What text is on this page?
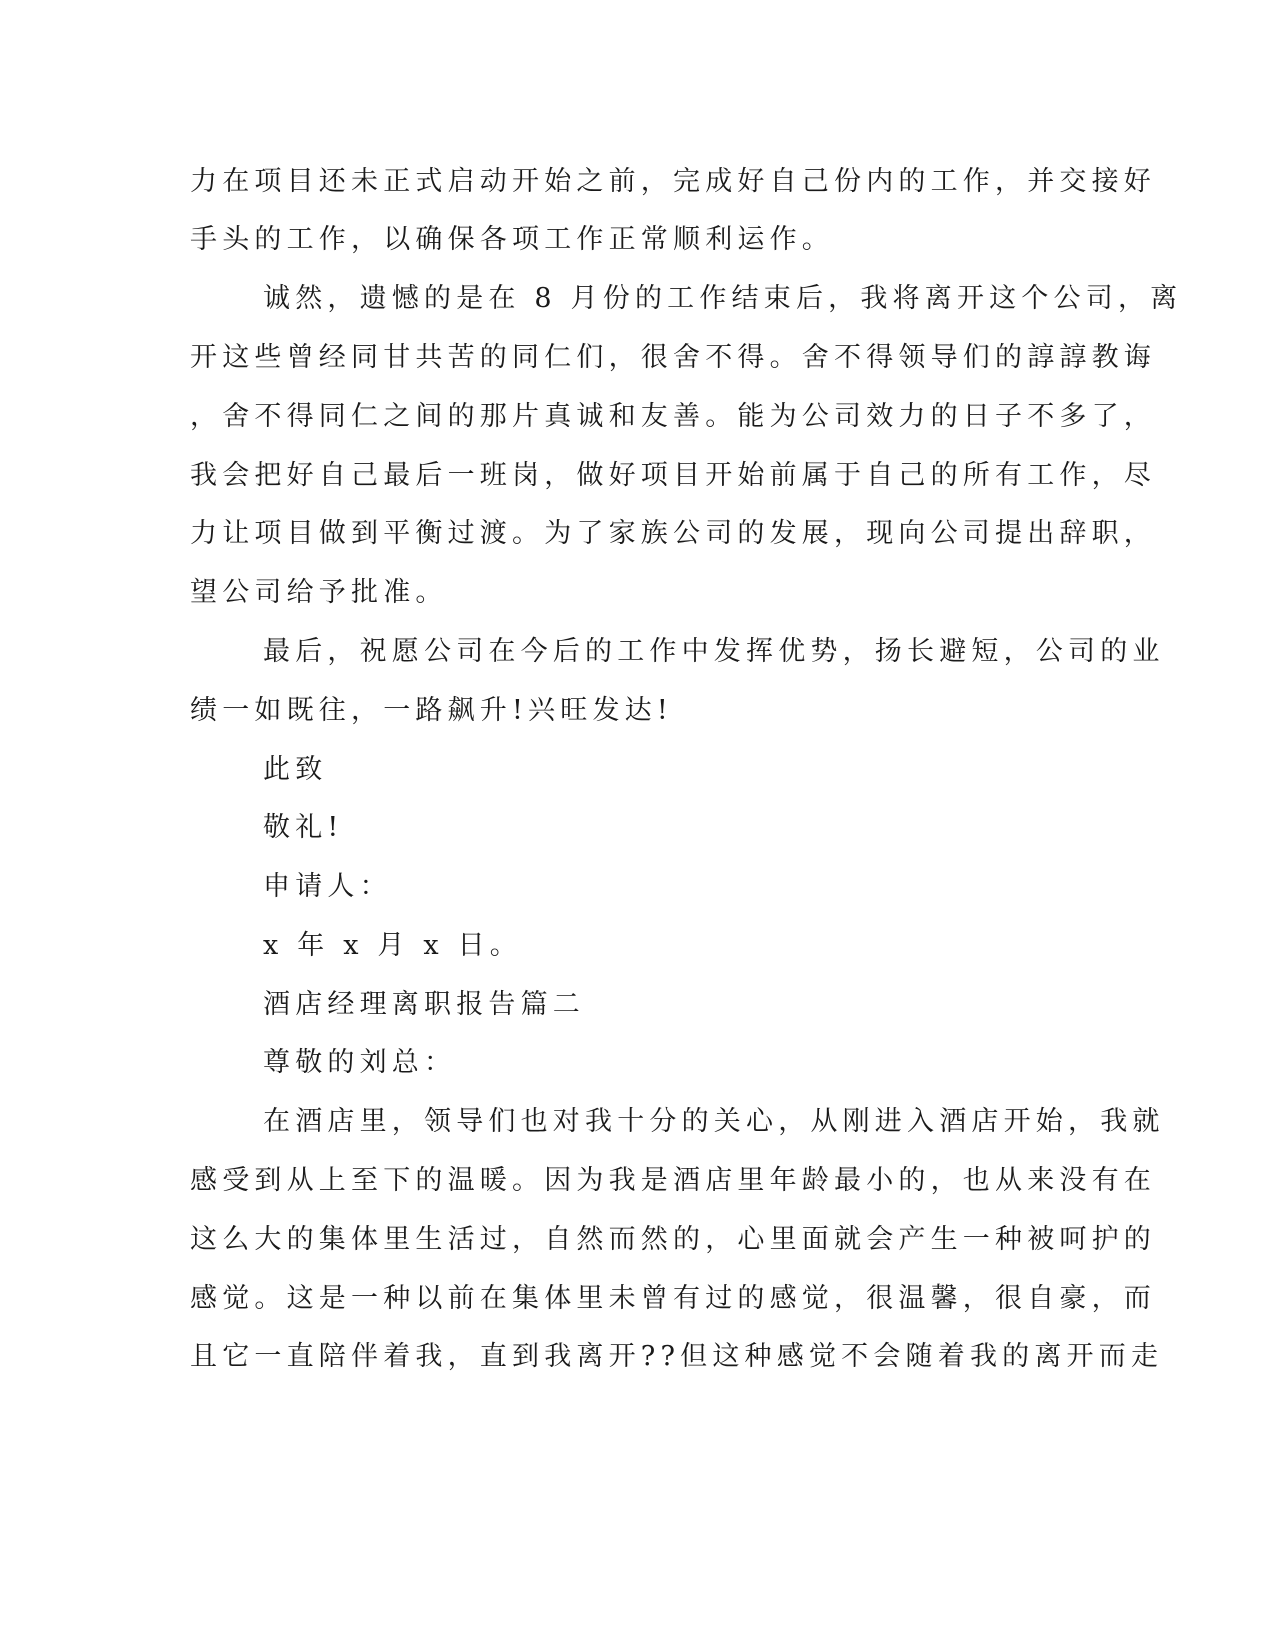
力在项目还未正式启动开始之前，完成好自己份内的工作，并交接好
手头的工作，以确保各项工作正常顺利运作。
诚然，遗憾的是在 8 月份的工作结束后，我将离开这个公司，离
开这些曾经同甘共苦的同仁们，很舍不得。舍不得领导们的諄諄教诲
，舍不得同仁之间的那片真诚和友善。能为公司效力的日子不多了，
我会把好自己最后一班岗，做好项目开始前属于自己的所有工作，尽
力让项目做到平衡过渡。为了家族公司的发展，现向公司提出辞职，
望公司给予批准。
最后，祝愿公司在今后的工作中发挥优势，扬长避短，公司的业
绩一如既往，一路飙升!兴旺发达!
此致
敬礼!
申请人：
x 年 x 月 x 日。
酒店经理离职报告篇二
尊敬的刘总：
在酒店里，领导们也对我十分的关心，从刚进入酒店开始，我就
感受到从上至下的温暖。因为我是酒店里年龄最小的，也从来没有在
这么大的集体里生活过，自然而然的，心里面就会产生一种被呵护的
感觉。这是一种以前在集体里未曾有过的感觉，很温馨，很自豪，而
且它一直陪伴着我，直到我离开??但这种感觉不会随着我的离开而走
